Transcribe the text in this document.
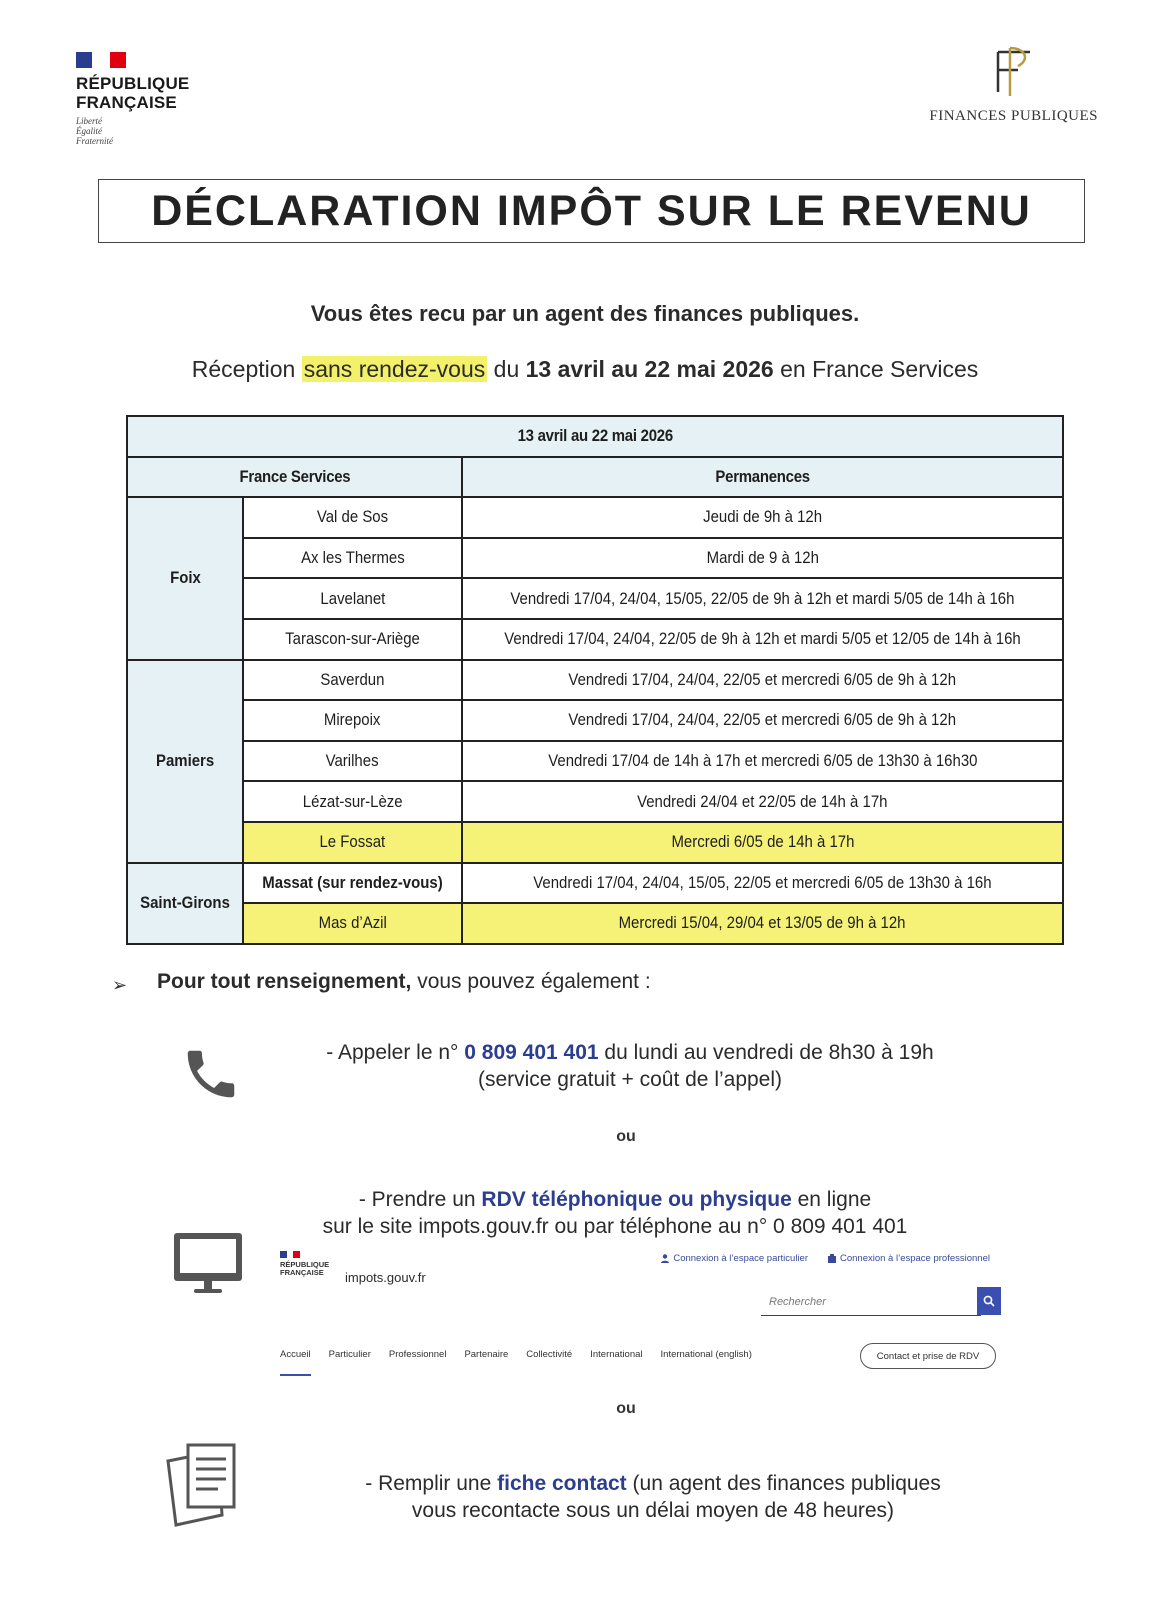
RÉPUBLIQUE
FRANÇAISE
Liberté
Égalité
Fraternité
FINANCES PUBLIQUES
DÉCLARATION IMPÔT SUR LE REVENU
Vous êtes recu par un agent des finances publiques.
Réception sans rendez-vous du 13 avril au 22 mai 2026 en France Services
13 avril au 22 mai 2026		
France Services		Permanences
Foix	Val de Sos	Jeudi de 9h à 12h
	Ax les Thermes	Mardi de 9 à 12h
	Lavelanet	Vendredi 17/04, 24/04, 15/05, 22/05 de 9h à 12h et mardi 5/05 de 14h à 16h
	Tarascon-sur-Ariège	Vendredi 17/04, 24/04, 22/05 de 9h à 12h et mardi 5/05 et 12/05 de 14h à 16h
Pamiers	Saverdun	Vendredi 17/04, 24/04, 22/05 et mercredi 6/05 de 9h à 12h
	Mirepoix	Vendredi 17/04, 24/04, 22/05 et mercredi 6/05 de 9h à 12h
	Varilhes	Vendredi 17/04 de 14h à 17h et mercredi 6/05 de 13h30 à 16h30
	Lézat-sur-Lèze	Vendredi 24/04 et 22/05 de 14h à 17h
	Le Fossat	Mercredi 6/05 de 14h à 17h
Saint-Girons	Massat (sur rendez-vous)	Vendredi 17/04, 24/04, 15/05, 22/05 et mercredi 6/05 de 13h30 à 16h
	Mas d’Azil	Mercredi 15/04, 29/04 et 13/05 de 9h à 12h
➢ Pour tout renseignement, vous pouvez également :
- Appeler le n° 0 809 401 401 du lundi au vendredi de 8h30 à 19h
(service gratuit + coût de l’appel)
ou
- Prendre un RDV téléphonique ou physique en ligne
sur le site impots.gouv.fr ou par téléphone au n° 0 809 401 401
RÉPUBLIQUE
FRANÇAISE	impots.gouv.fr
Connexion à l’espace particulier	Connexion à l’espace professionnel
Rechercher
Accueil Particulier Professionnel Partenaire Collectivité International International (english)	Contact et prise de RDV
ou
- Remplir une fiche contact (un agent des finances publiques
vous recontacte sous un délai moyen de 48 heures)
